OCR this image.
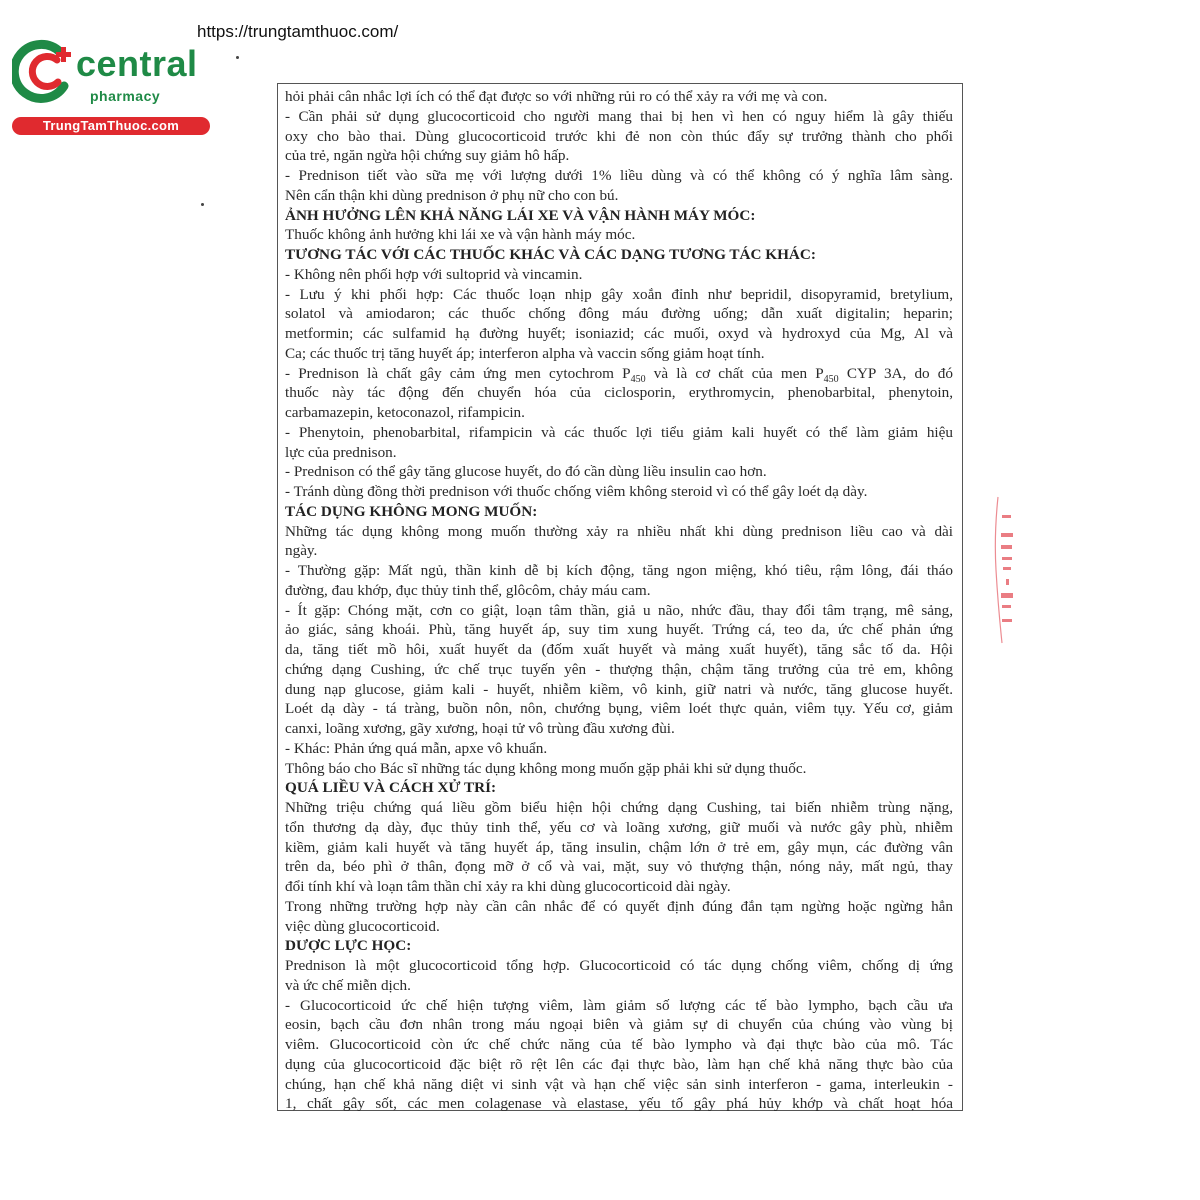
https://trungtamthuoc.com/
central
pharmacy
TrungTamThuoc.com
hỏi phải cân nhắc lợi ích có thể đạt được so với những rủi ro có thể xảy ra với mẹ và con.
- Cần phải sử dụng glucocorticoid cho người mang thai bị hen vì hen có nguy hiểm là gây thiếu
oxy cho bào thai. Dùng glucocorticoid trước khi đẻ non còn thúc đẩy sự trưởng thành cho phổi
của trẻ, ngăn ngừa hội chứng suy giảm hô hấp.
- Prednison tiết vào sữa mẹ với lượng dưới 1% liều dùng và có thể không có ý nghĩa lâm sàng.
Nên cẩn thận khi dùng prednison ở phụ nữ cho con bú.
ẢNH HƯỞNG LÊN KHẢ NĂNG LÁI XE VÀ VẬN HÀNH MÁY MÓC:
Thuốc không ảnh hưởng khi lái xe và vận hành máy móc.
TƯƠNG TÁC VỚI CÁC THUỐC KHÁC VÀ CÁC DẠNG TƯƠNG TÁC KHÁC:
- Không nên phối hợp với sultoprid và vincamin.
- Lưu ý khi phối hợp: Các thuốc loạn nhịp gây xoắn đỉnh như bepridil, disopyramid, bretylium,
solatol và amiodaron; các thuốc chống đông máu đường uống; dẫn xuất digitalin; heparin;
metformin; các sulfamid hạ đường huyết; isoniazid; các muối, oxyd và hydroxyd của Mg, Al và
Ca; các thuốc trị tăng huyết áp; interferon alpha và vaccin sống giảm hoạt tính.
- Prednison là chất gây cảm ứng men cytochrom $P_{450}$ và là cơ chất của men $P_{450}$ CYP 3A, do đó
thuốc này tác động đến chuyển hóa của ciclosporin, erythromycin, phenobarbital, phenytoin,
carbamazepin, ketoconazol, rifampicin.
- Phenytoin, phenobarbital, rifampicin và các thuốc lợi tiểu giảm kali huyết có thể làm giảm hiệu
lực của prednison.
- Prednison có thể gây tăng glucose huyết, do đó cần dùng liều insulin cao hơn.
- Tránh dùng đồng thời prednison với thuốc chống viêm không steroid vì có thể gây loét dạ dày.
TÁC DỤNG KHÔNG MONG MUỐN:
Những tác dụng không mong muốn thường xảy ra nhiều nhất khi dùng prednison liều cao và dài
ngày.
- Thường gặp: Mất ngủ, thần kinh dễ bị kích động, tăng ngon miệng, khó tiêu, rậm lông, đái tháo
đường, đau khớp, đục thủy tinh thể, glôcôm, chảy máu cam.
- Ít gặp: Chóng mặt, cơn co giật, loạn tâm thần, giả u não, nhức đầu, thay đổi tâm trạng, mê sảng,
ảo giác, sảng khoái. Phù, tăng huyết áp, suy tim xung huyết. Trứng cá, teo da, ức chế phản ứng
da, tăng tiết mồ hôi, xuất huyết da (đốm xuất huyết và mảng xuất huyết), tăng sắc tố da. Hội
chứng dạng Cushing, ức chế trục tuyến yên - thượng thận, chậm tăng trưởng của trẻ em, không
dung nạp glucose, giảm kali - huyết, nhiễm kiềm, vô kinh, giữ natri và nước, tăng glucose huyết.
Loét dạ dày - tá tràng, buồn nôn, nôn, chướng bụng, viêm loét thực quản, viêm tụy. Yếu cơ, giảm
canxi, loãng xương, gãy xương, hoại tử vô trùng đầu xương đùi.
- Khác: Phản ứng quá mẫn, apxe vô khuẩn.
Thông báo cho Bác sĩ những tác dụng không mong muốn gặp phải khi sử dụng thuốc.
QUÁ LIỀU VÀ CÁCH XỬ TRÍ:
Những triệu chứng quá liều gồm biểu hiện hội chứng dạng Cushing, tai biến nhiễm trùng nặng,
tổn thương dạ dày, đục thủy tinh thể, yếu cơ và loãng xương, giữ muối và nước gây phù, nhiễm
kiềm, giảm kali huyết và tăng huyết áp, tăng insulin, chậm lớn ở trẻ em, gây mụn, các đường vân
trên da, béo phì ở thân, đọng mỡ ở cổ và vai, mặt, suy vỏ thượng thận, nóng nảy, mất ngủ, thay
đổi tính khí và loạn tâm thần chỉ xảy ra khi dùng glucocorticoid dài ngày.
Trong những trường hợp này cần cân nhắc để có quyết định đúng đắn tạm ngừng hoặc ngừng hẳn
việc dùng glucocorticoid.
DƯỢC LỰC HỌC:
Prednison là một glucocorticoid tổng hợp. Glucocorticoid có tác dụng chống viêm, chống dị ứng
và ức chế miễn dịch.
- Glucocorticoid ức chế hiện tượng viêm, làm giảm số lượng các tế bào lympho, bạch cầu ưa
eosin, bạch cầu đơn nhân trong máu ngoại biên và giảm sự di chuyển của chúng vào vùng bị
viêm. Glucocorticoid còn ức chế chức năng của tế bào lympho và đại thực bào của mô. Tác
dụng của glucocorticoid đặc biệt rõ rệt lên các đại thực bào, làm hạn chế khả năng thực bào của
chúng, hạn chế khả năng diệt vi sinh vật và hạn chế việc sản sinh interferon - gama, interleukin -
1, chất gây sốt, các men colagenase và elastase, yếu tố gây phá hủy khớp và chất hoạt hóa
